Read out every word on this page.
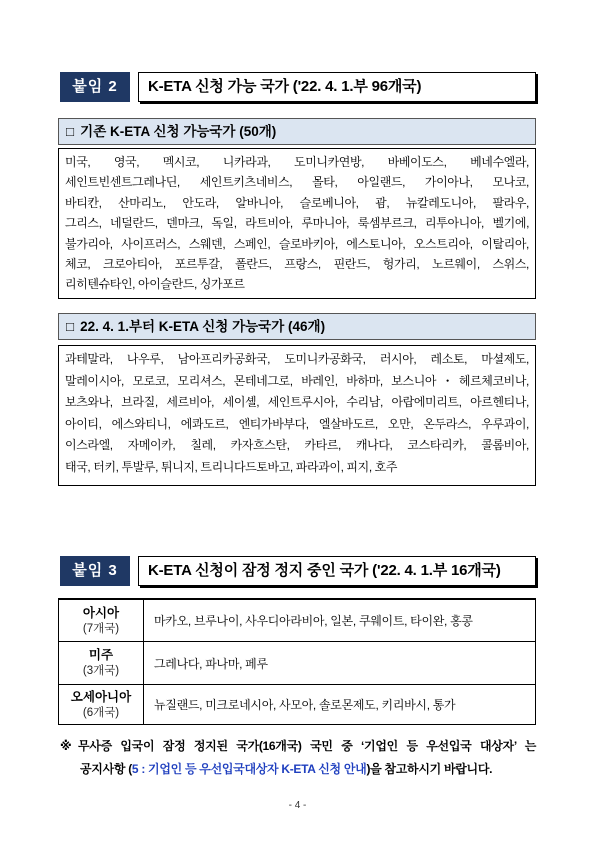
붙임 2	K-ETA 신청 가능 국가 ('22. 4. 1.부 96개국)
□ 기존 K-ETA 신청 가능국가 (50개)
미국, 영국, 멕시코, 니카라과, 도미니카연방, 바베이도스, 베네수엘라,
세인트빈센트그레나딘, 세인트키츠네비스, 몰타, 아일랜드, 가이아나, 모나코,
바티칸, 산마리노, 안도라, 알바니아, 슬로베니아, 괌, 뉴칼레도니아, 팔라우,
그리스, 네덜란드, 덴마크, 독일, 라트비아, 루마니아, 룩셈부르크, 리투아니아, 벨기에,
불가리아, 사이프러스, 스웨덴, 스페인, 슬로바키아, 에스토니아, 오스트리아, 이탈리아,
체코, 크로아티아, 포르투갈, 폴란드, 프랑스, 핀란드, 헝가리, 노르웨이, 스위스,
리히텐슈타인, 아이슬란드, 싱가포르
□ 22. 4. 1.부터 K-ETA 신청 가능국가 (46개)
과테말라, 나우루, 남아프리카공화국, 도미니카공화국, 러시아, 레소토, 마셜제도,
말레이시아, 모로코, 모리셔스, 몬테네그로, 바레인, 바하마, 보스니아・헤르체코비나,
보츠와나, 브라질, 세르비아, 세이셸, 세인트루시아, 수리남, 아랍에미리트, 아르헨티나,
아이티, 에스와티니, 에콰도르, 엔티가바부다, 엘살바도르, 오만, 온두라스, 우루과이,
이스라엘, 자메이카, 칠레, 카자흐스탄, 카타르, 캐나다, 코스타리카, 콜롬비아,
태국, 터키, 투발루, 튀니지, 트리니다드토바고, 파라과이, 피지, 호주
붙임 3	K-ETA 신청이 잠정 정지 중인 국가 ('22. 4. 1.부 16개국)
아시아
(7개국)	마카오, 브루나이, 사우디아라비아, 일본, 쿠웨이트, 타이완, 홍콩

미주
(3개국)	그레나다, 파나마, 페루

오세아니아
(6개국)	뉴질랜드, 미크로네시아, 사모아, 솔로몬제도, 키리바시, 통가
※ 무사증 입국이 잠정 정지된 국가(16개국) 국민 중 ‘기업인 등 우선입국 대상자’ 는
공지사항 (5 : 기업인 등 우선입국대상자 K-ETA 신청 안내)을 참고하시기 바랍니다.
- 4 -
